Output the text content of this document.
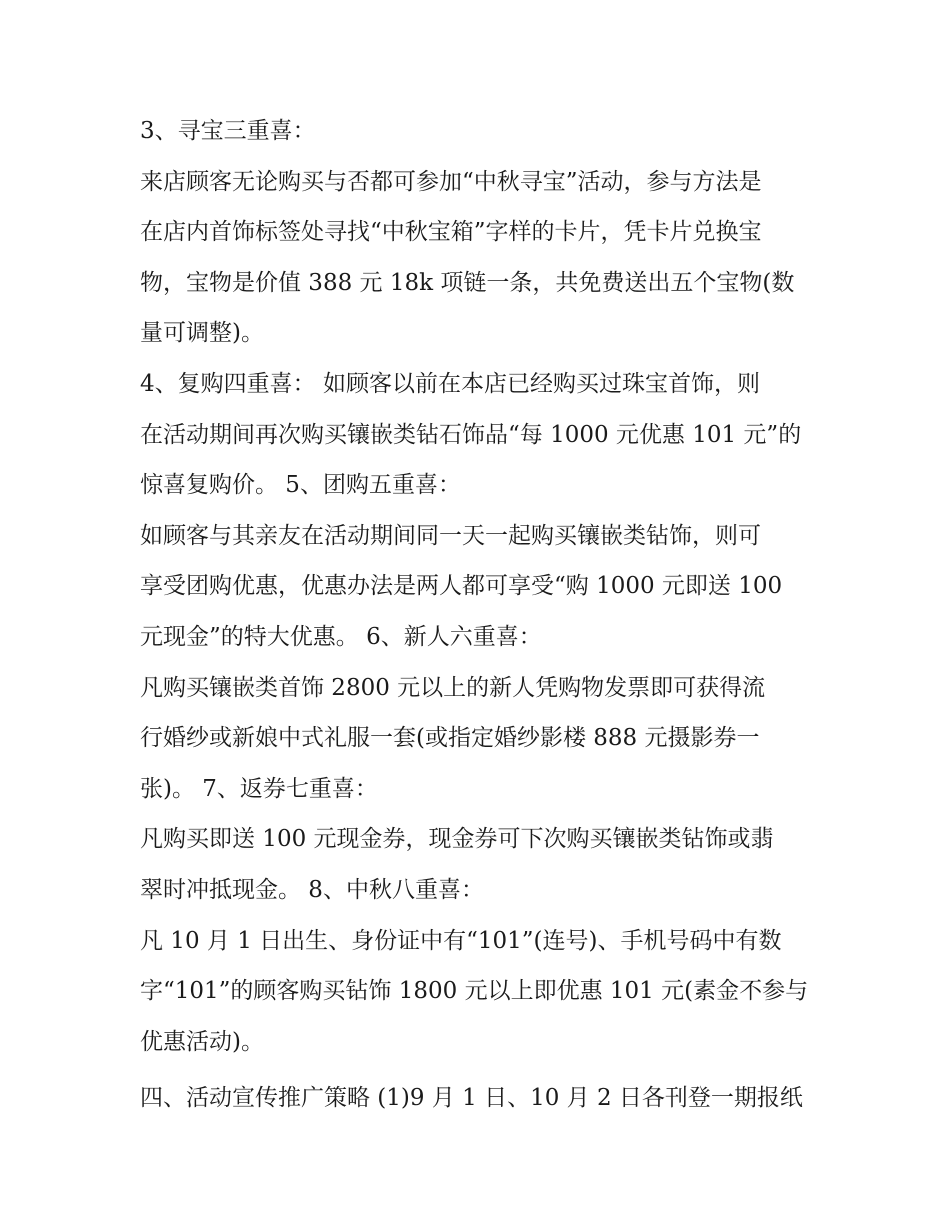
3、寻宝三重喜：
来店顾客无论购买与否都可参加“中秋寻宝”活动，参与方法是
在店内首饰标签处寻找“中秋宝箱”字样的卡片，凭卡片兑换宝
物，宝物是价值 388 元 18k 项链一条，共免费送出五个宝物(数
量可调整)。
4、复购四重喜： 如顾客以前在本店已经购买过珠宝首饰，则
在活动期间再次购买镶嵌类钻石饰品“每 1000 元优惠 101 元”的
惊喜复购价。 5、团购五重喜：
如顾客与其亲友在活动期间同一天一起购买镶嵌类钻饰，则可
享受团购优惠，优惠办法是两人都可享受“购 1000 元即送 100
元现金”的特大优惠。 6、新人六重喜：
凡购买镶嵌类首饰 2800 元以上的新人凭购物发票即可获得流
行婚纱或新娘中式礼服一套(或指定婚纱影楼 888 元摄影券一
张)。 7、返券七重喜：
凡购买即送 100 元现金券，现金券可下次购买镶嵌类钻饰或翡
翠时冲抵现金。 8、中秋八重喜：
凡 10 月 1 日出生、身份证中有“101”(连号)、手机号码中有数
字“101”的顾客购买钻饰 1800 元以上即优惠 101 元(素金不参与
优惠活动)。
四、活动宣传推广策略 (1)9 月 1 日、10 月 2 日各刊登一期报纸
